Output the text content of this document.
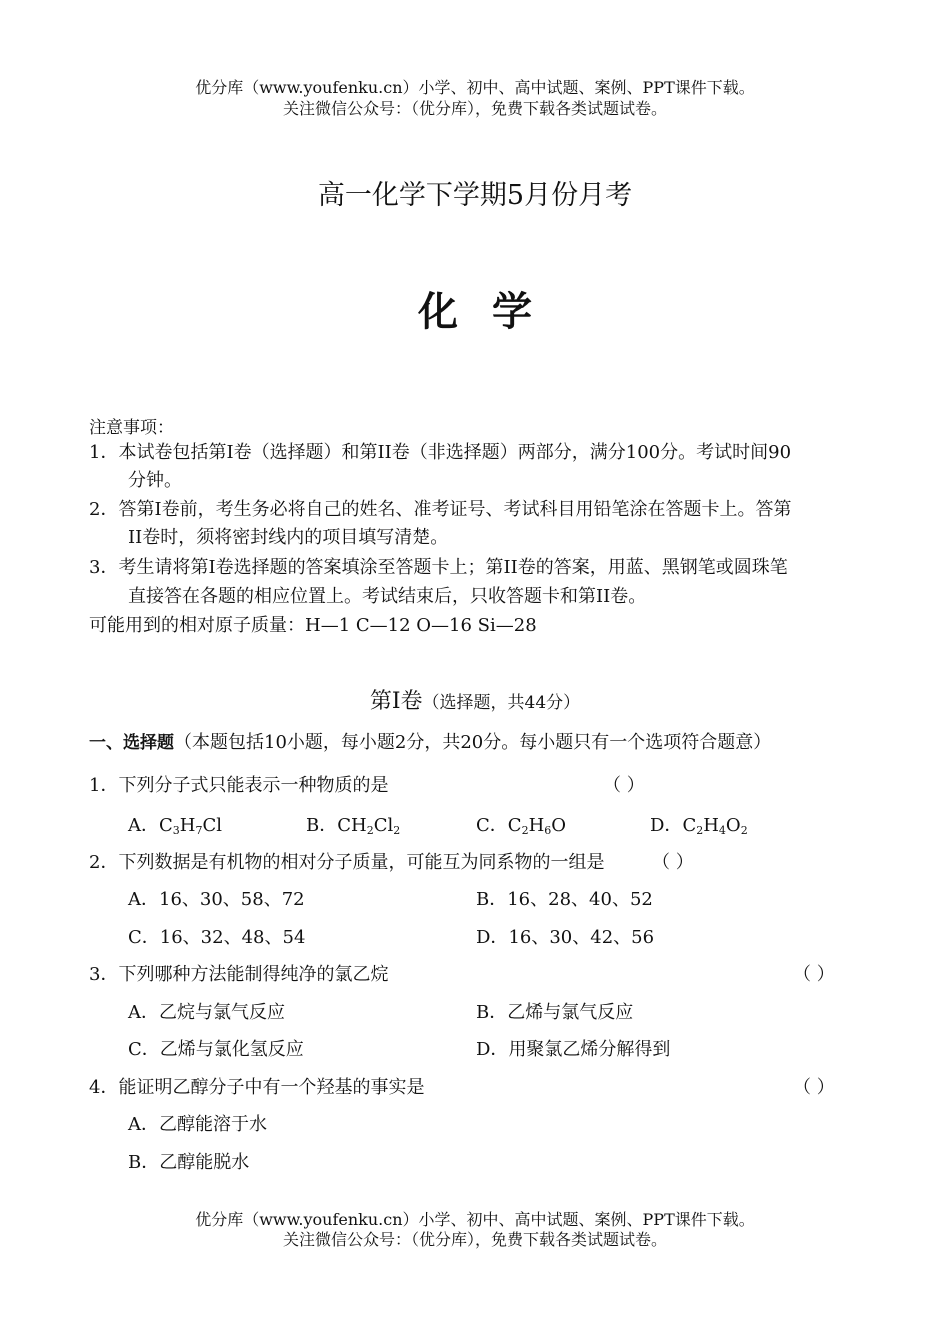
优分库（www.youfenku.cn）小学、初中、高中试题、案例、PPT课件下载。
关注微信公众号：（优分库），免费下载各类试题试卷。
高一化学下学期5月份月考
化学
注意事项：
1．本试卷包括第Ⅰ卷（选择题）和第II卷（非选择题）两部分，满分100分。考试时间90
分钟。
2．答第Ⅰ卷前，考生务必将自己的姓名、准考证号、考试科目用铅笔涂在答题卡上。答第
II卷时，须将密封线内的项目填写清楚。
3．考生请将第Ⅰ卷选择题的答案填涂至答题卡上；第II卷的答案，用蓝、黑钢笔或圆珠笔
直接答在各题的相应位置上。考试结束后，只收答题卡和第II卷。
可能用到的相对原子质量：H—1 C—12 O—16 Si—28
第Ⅰ卷（选择题，共44分）
一、选择题（本题包括10小题，每小题2分，共20分。每小题只有一个选项符合题意）
1．下列分子式只能表示一种物质的是	（ ）
A．$C_3H_7Cl$	B．$CH_2Cl_2$	C．$C_2H_6O$	D．$C_2H_4O_2$
2．下列数据是有机物的相对分子质量，可能互为同系物的一组是	（ ）
A．16、30、58、72	B．16、28、40、52
C．16、32、48、54	D．16、30、42、56
3．下列哪种方法能制得纯净的氯乙烷	（ ）
A．乙烷与氯气反应	B．乙烯与氯气反应
C．乙烯与氯化氢反应	D．用聚氯乙烯分解得到
4．能证明乙醇分子中有一个羟基的事实是	（ ）
A．乙醇能溶于水
B．乙醇能脱水
优分库（www.youfenku.cn）小学、初中、高中试题、案例、PPT课件下载。
关注微信公众号：（优分库），免费下载各类试题试卷。
